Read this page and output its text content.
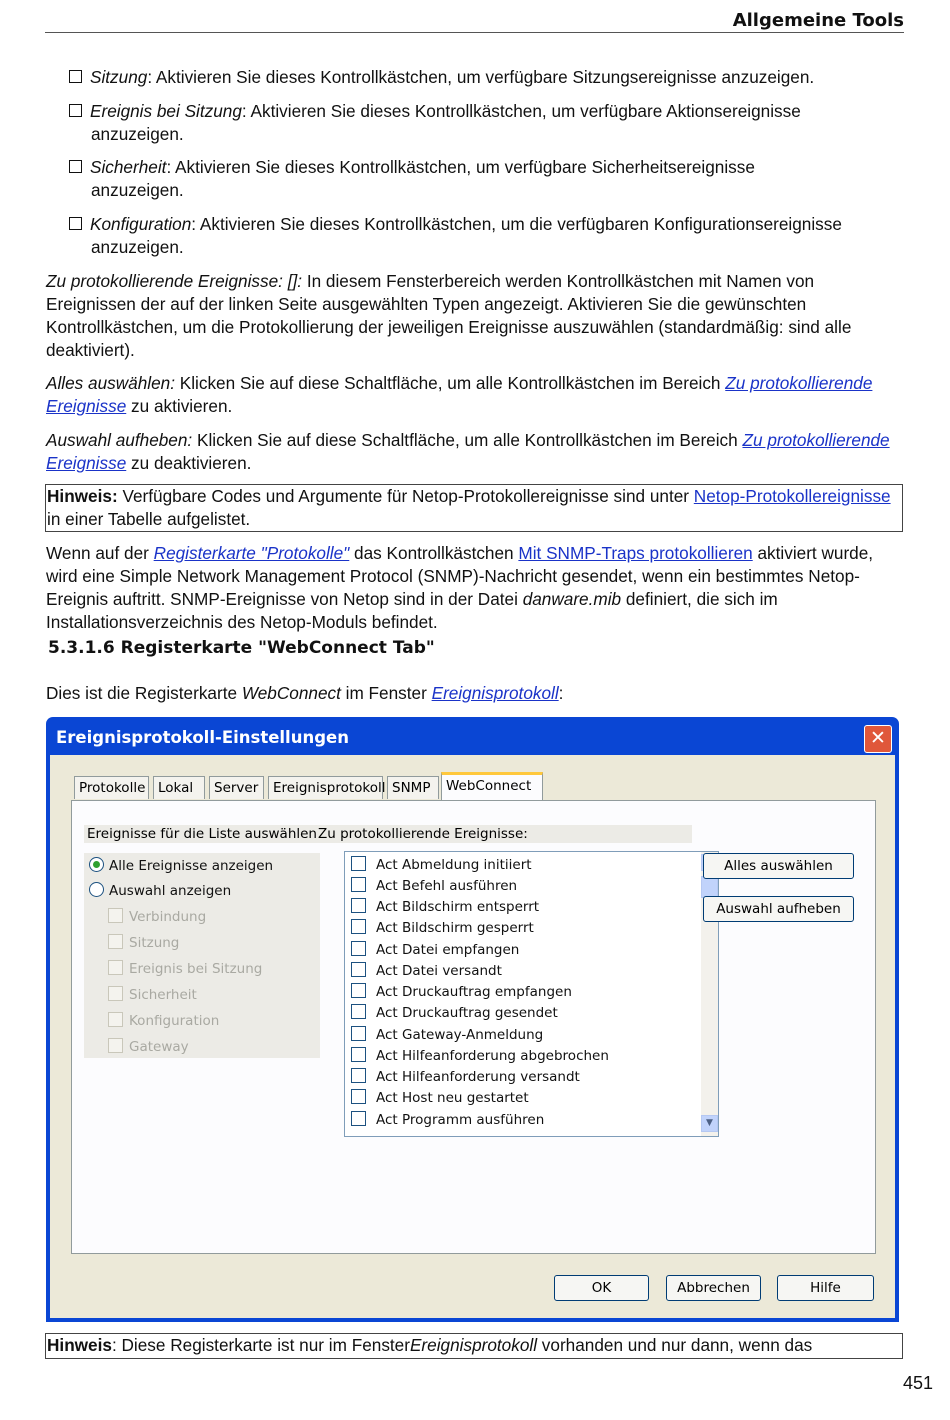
Allgemeine Tools
Sitzung: Aktivieren Sie dieses Kontrollkästchen, um verfügbare Sitzungsereignisse anzuzeigen.
Ereignis bei Sitzung: Aktivieren Sie dieses Kontrollkästchen, um verfügbare Aktionsereignisse
anzuzeigen.
Sicherheit: Aktivieren Sie dieses Kontrollkästchen, um verfügbare Sicherheitsereignisse
anzuzeigen.
Konfiguration: Aktivieren Sie dieses Kontrollkästchen, um die verfügbaren Konfigurationsereignisse
anzuzeigen.
Zu protokollierende Ereignisse: []: In diesem Fensterbereich werden Kontrollkästchen mit Namen von Ereignissen der auf der linken Seite ausgewählten Typen angezeigt. Aktivieren Sie die gewünschten Kontrollkästchen, um die Protokollierung der jeweiligen Ereignisse auszuwählen (standardmäßig: sind alle deaktiviert).
Alles auswählen: Klicken Sie auf diese Schaltfläche, um alle Kontrollkästchen im Bereich Zu protokollierende Ereignisse zu aktivieren.
Auswahl aufheben: Klicken Sie auf diese Schaltfläche, um alle Kontrollkästchen im Bereich Zu protokollierende Ereignisse zu deaktivieren.
Hinweis: Verfügbare Codes und Argumente für Netop-Protokollereignisse sind unter Netop-Protokollereignisse in einer Tabelle aufgelistet.
Wenn auf der Registerkarte "Protokolle" das Kontrollkästchen Mit SNMP-Traps protokollieren aktiviert wurde, wird eine Simple Network Management Protocol (SNMP)-Nachricht gesendet, wenn ein bestimmtes Netop-Ereignis auftritt. SNMP-Ereignisse von Netop sind in der Datei danware.mib definiert, die sich im Installationsverzeichnis des Netop-Moduls befindet.
5.3.1.6 Registerkarte "WebConnect Tab"
Dies ist die Registerkarte WebConnect im Fenster Ereignisprotokoll:
Ereignisprotokoll-Einstellungen	✕
Protokolle Lokal	Server	Ereignisprotokoll SNMP	WebConnect
Ereignisse für die Liste auswählen Zu protokollierende Ereignisse:
Alle Ereignisse anzeigen
Auswahl anzeigen
Verbindung
Sitzung
Ereignis bei Sitzung
Sicherheit
Konfiguration
Gateway
Act Abmeldung initiiert
Act Befehl ausführen
Act Bildschirm entsperrt
Act Bildschirm gesperrt
Act Datei empfangen
Act Datei versandt
Act Druckauftrag empfangen
Act Druckauftrag gesendet
Act Gateway-Anmeldung
Act Hilfeanforderung abgebrochen
Act Hilfeanforderung versandt
Act Host neu gestartet
Act Programm ausführen	▼
Alles auswählen
Auswahl aufheben
OK	Abbrechen	Hilfe
Hinweis: Diese Registerkarte ist nur im FensterEreignisprotokoll vorhanden und nur dann, wenn das
451
